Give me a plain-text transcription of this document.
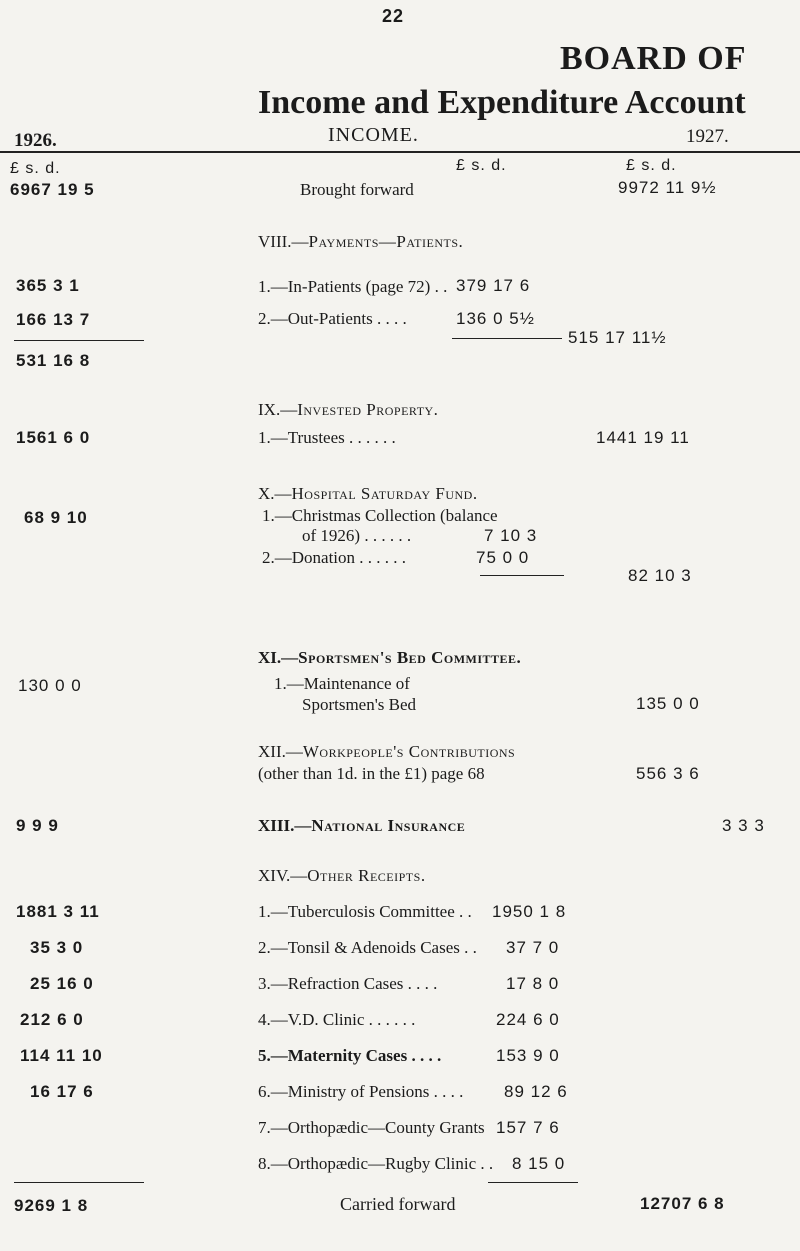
22
BOARD OF
Income and Expenditure Account
1926.	INCOME.	1927.
£ s. d.	£ s. d.	£ s. d.
6967 19 5	Brought forward	9972 11 9½
VIII.—Payments—Patients.
365 3 1	1.—In-Patients (page 72) . . 379 17 6
166 13 7	2.—Out-Patients . . . .	136 0 5½
515 17 11½
531 16 8
IX.—Invested Property.
1561 6 0	1.—Trustees . . . . . .	1441 19 11
X.—Hospital Saturday Fund.
68 9 10	1.—Christmas Collection (balance
of 1926) . . . . . .	7 10 3
2.—Donation . . . . . .	75 0 0
82 10 3
XI.—Sportsmen's Bed Committee.
130 0 0	1.—Maintenance of
Sportsmen's Bed	135 0 0
XII.—Workpeople's Contributions
(other than 1d. in the £1) page 68	556 3 6
9 9 9	XIII.—National Insurance	3 3 3
XIV.—Other Receipts.
1881 3 11	1.—Tuberculosis Committee . . 1950 1 8
35 3 0	2.—Tonsil & Adenoids Cases . . 37 7 0
25 16 0	3.—Refraction Cases . . . .	17 8 0
212 6 0	4.—V.D. Clinic . . . . . .	224 6 0
114 11 10	5.—Maternity Cases . . . .	153 9 0
16 17 6	6.—Ministry of Pensions . . . . 89 12 6
7.—Orthopædic—County Grants 157 7 6
8.—Orthopædic—Rugby Clinic . . 8 15 0
9269 1 8	Carried forward	12707 6 8
